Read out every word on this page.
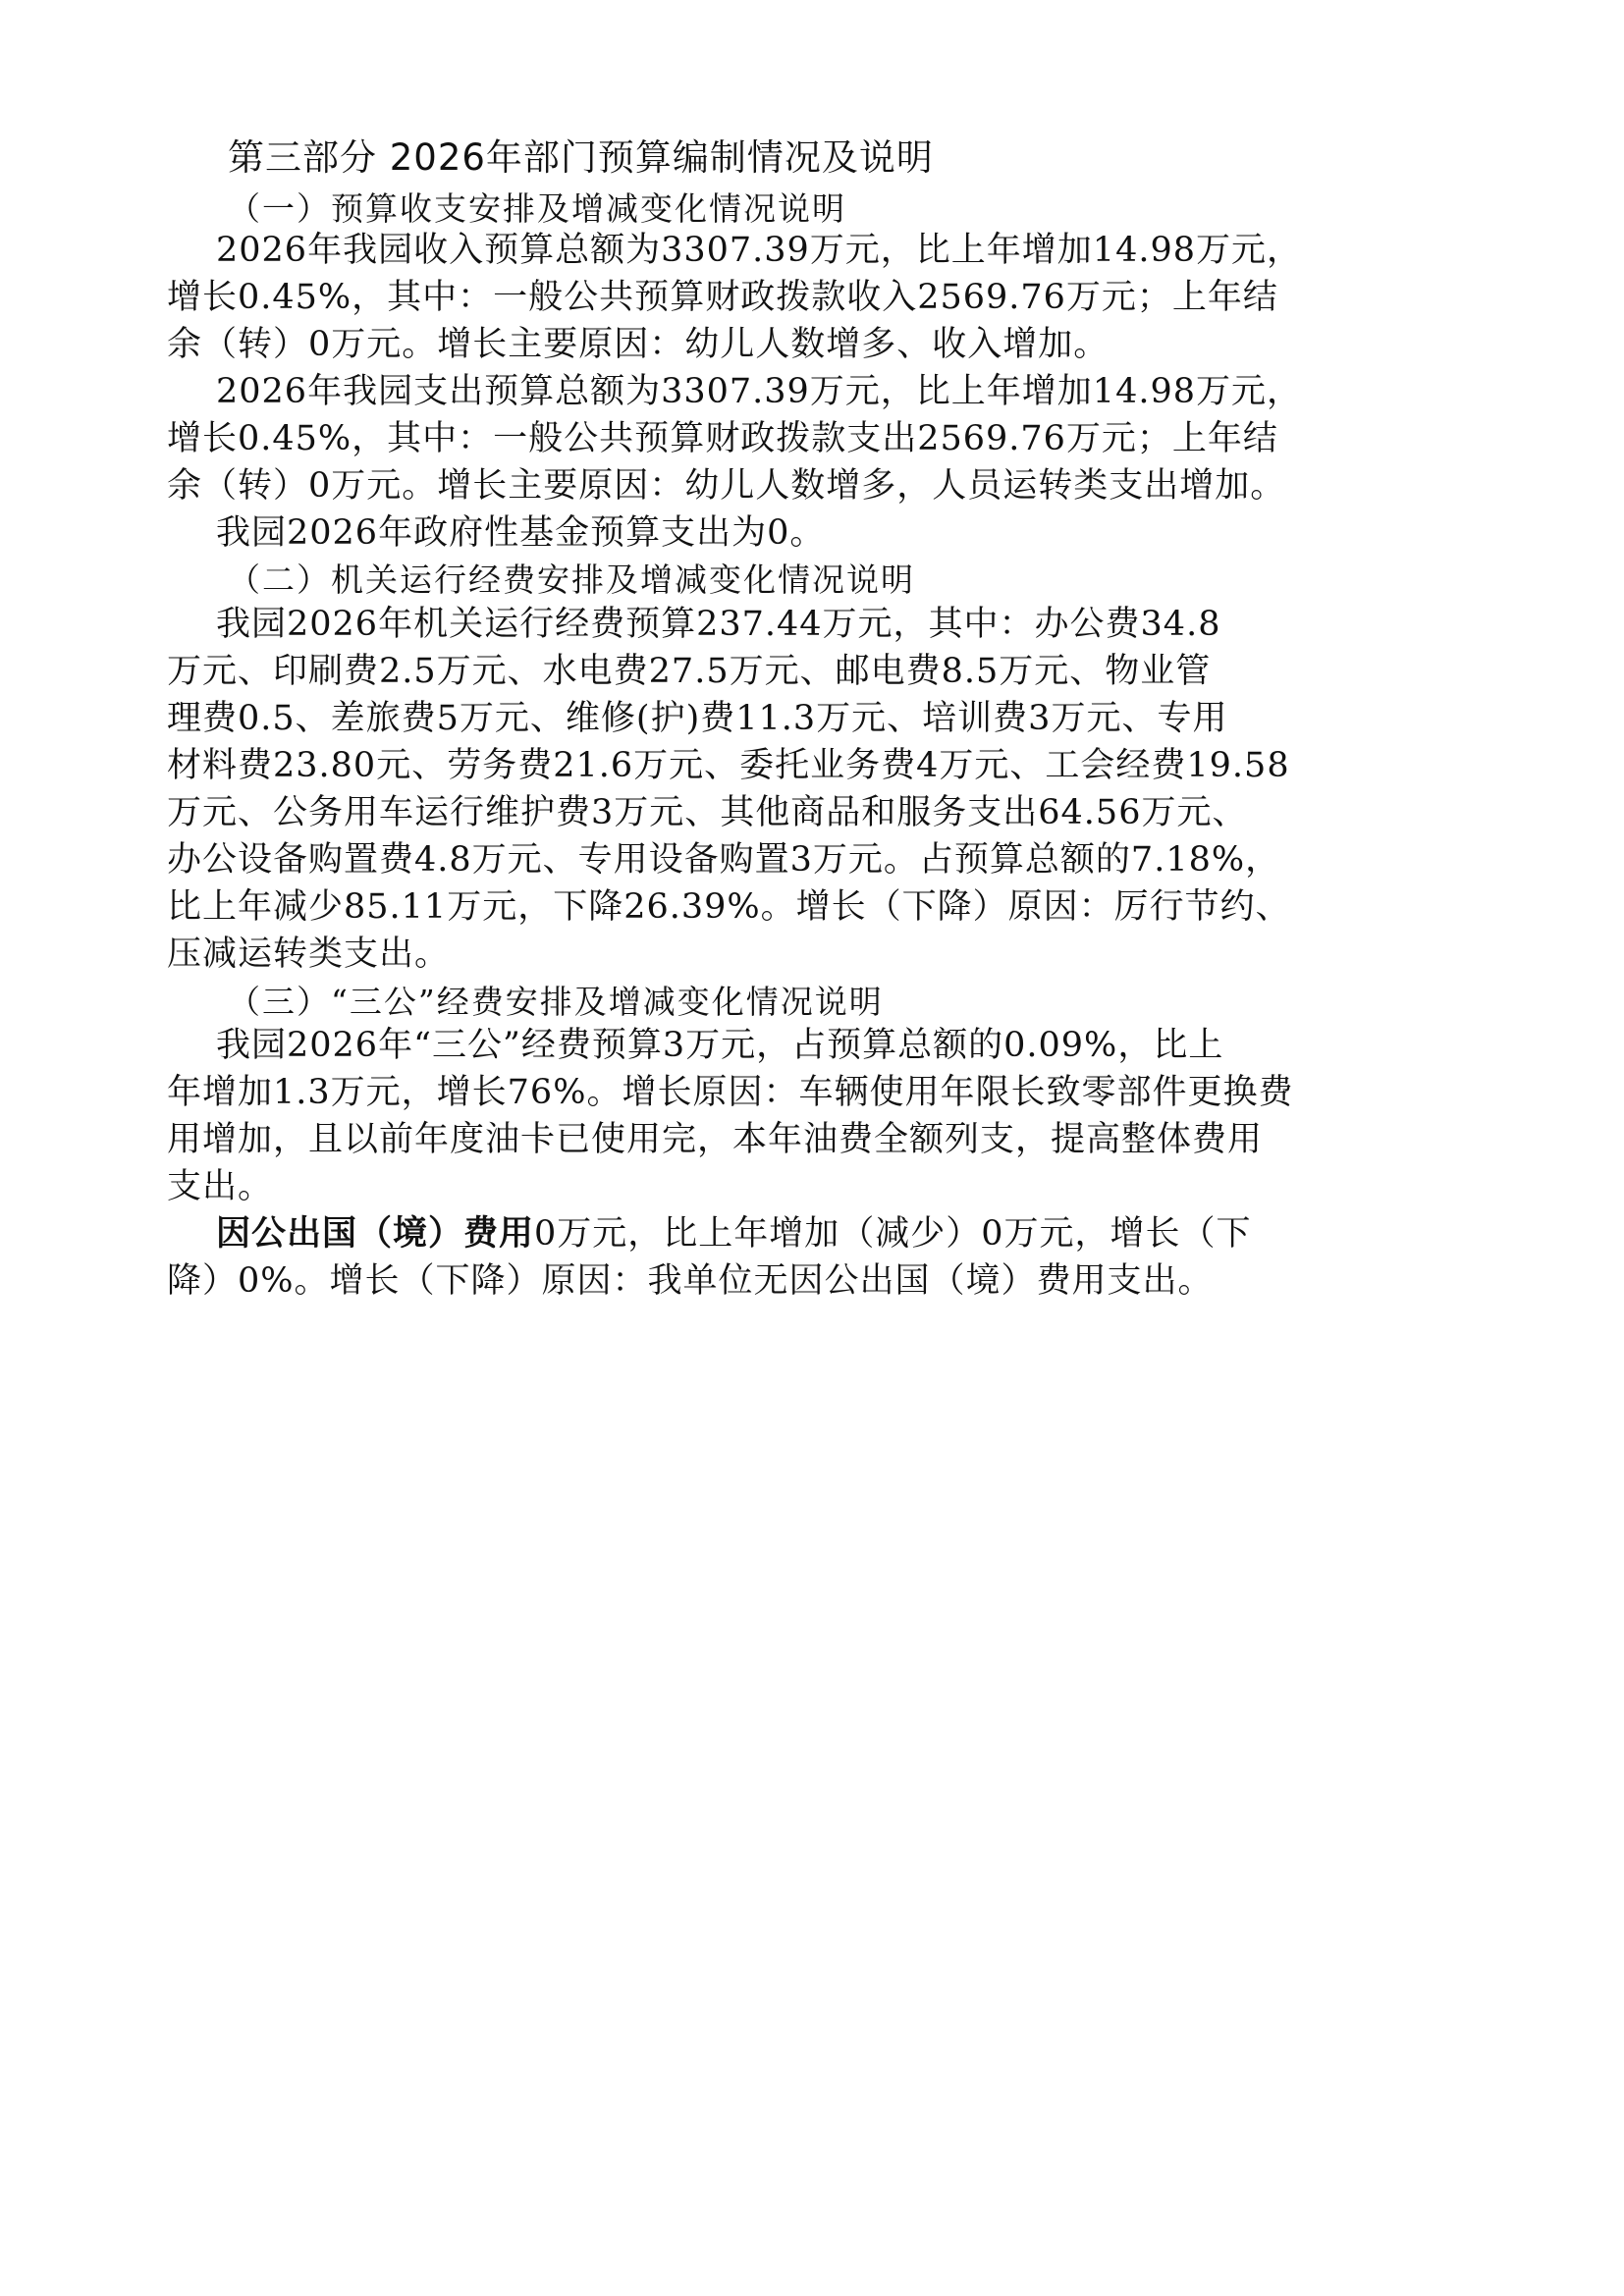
第三部分 2026年部门预算编制情况及说明
（一）预算收支安排及增减变化情况说明
2026年我园收入预算总额为3307.39万元，比上年增加14.98万元，
增长0.45%，其中：一般公共预算财政拨款收入2569.76万元；上年结
余（转）0万元。增长主要原因：幼儿人数增多、收入增加。
2026年我园支出预算总额为3307.39万元，比上年增加14.98万元，
增长0.45%，其中：一般公共预算财政拨款支出2569.76万元；上年结
余（转）0万元。增长主要原因：幼儿人数增多，人员运转类支出增加。
我园2026年政府性基金预算支出为0。
（二）机关运行经费安排及增减变化情况说明
我园2026年机关运行经费预算237.44万元，其中：办公费34.8
万元、印刷费2.5万元、水电费27.5万元、邮电费8.5万元、物业管
理费0.5、差旅费5万元、维修(护)费11.3万元、培训费3万元、专用
材料费23.80元、劳务费21.6万元、委托业务费4万元、工会经费19.58
万元、公务用车运行维护费3万元、其他商品和服务支出64.56万元、
办公设备购置费4.8万元、专用设备购置3万元。占预算总额的7.18%，
比上年减少85.11万元，下降26.39%。增长（下降）原因：厉行节约、
压减运转类支出。
（三）“三公”经费安排及增减变化情况说明
我园2026年“三公”经费预算3万元，占预算总额的0.09%，比上
年增加1.3万元，增长76%。增长原因：车辆使用年限长致零部件更换费
用增加，且以前年度油卡已使用完，本年油费全额列支，提高整体费用
支出。
因公出国（境）费用0万元，比上年增加（减少）0万元，增长（下
降）0%。增长（下降）原因：我单位无因公出国（境）费用支出。
